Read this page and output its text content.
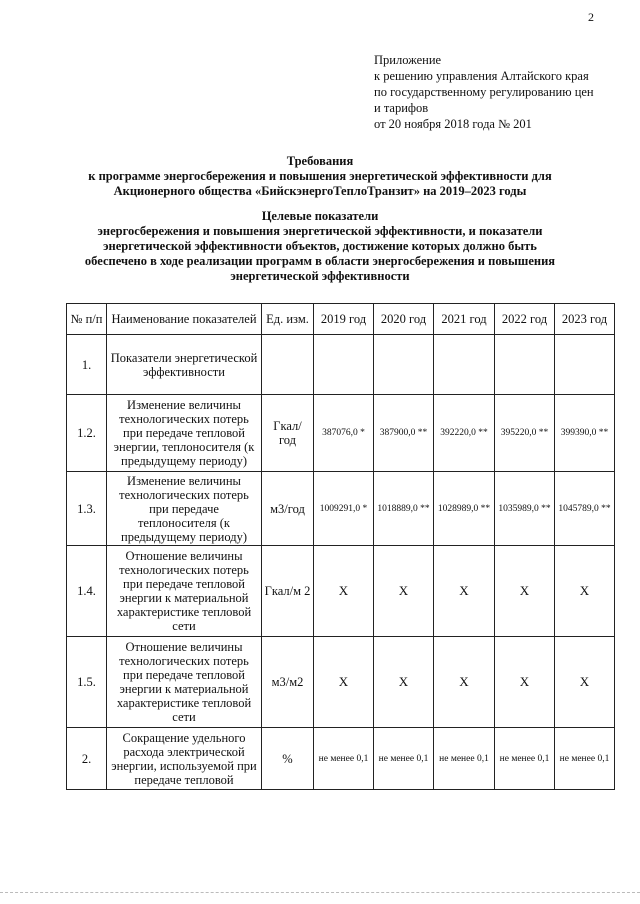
2
Приложение
к решению управления Алтайского края
по государственному регулированию цен
и тарифов
от 20 ноября 2018 года № 201
Требования
к программе энергосбережения и повышения энергетической эффективности для
Акционерного общества «БийскэнергоТеплоТранзит» на 2019–2023 годы
Целевые показатели
энергосбережения и повышения энергетической эффективности, и показатели
энергетической эффективности объектов, достижение которых должно быть
обеспечено в ходе реализации программ в области энергосбережения и повышения
энергетической эффективности
№ п/п	Наименование показателей	Ед. изм.	2019 год	2020 год	2021 год	2022 год	2023 год
1.	Показатели энергетической эффективности						
1.2.	Изменение величины технологических потерь при передаче тепловой энергии, теплоносителя (к предыдущему периоду)	Гкал/ год	387076,0 *	387900,0 **	392220,0 **	395220,0 **	399390,0 **
1.3.	Изменение величины технологических потерь при передаче теплоносителя (к предыдущему периоду)	м3/год	1009291,0 *	1018889,0 **	1028989,0 **	1035989,0 **	1045789,0 **
1.4.	Отношение величины технологических потерь при передаче тепловой энергии к материальной характеристике тепловой сети	Гкал/м 2	Х	Х	Х	Х	Х
1.5.	Отношение величины технологических потерь при передаче тепловой энергии к материальной характеристике тепловой сети	м3/м2	Х	Х	Х	Х	Х
2.	Сокращение удельного расхода электрической энергии, используемой при передаче тепловой	%	не менее 0,1	не менее 0,1	не менее 0,1	не менее 0,1	не менее 0,1
